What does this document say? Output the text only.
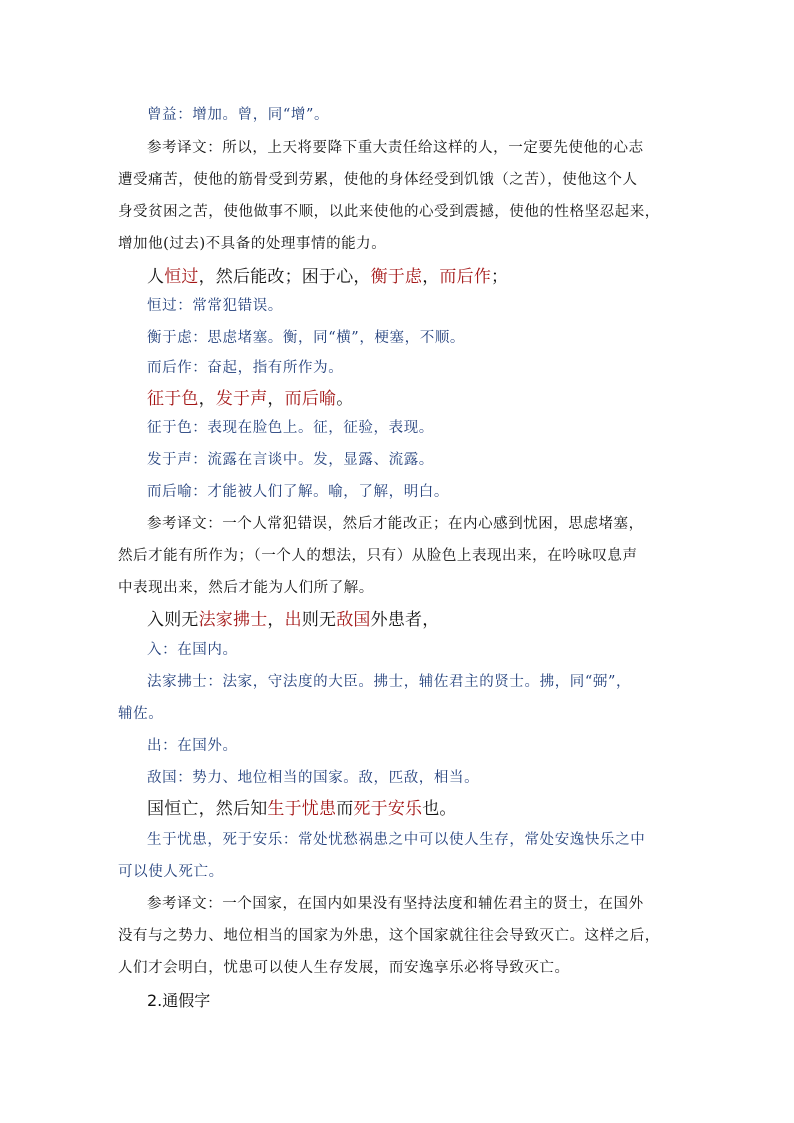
曾益：增加。曾，同“增”。
参考译文：所以，上天将要降下重大责任给这样的人，一定要先使他的心志
遭受痛苦，使他的筋骨受到劳累，使他的身体经受到饥饿（之苦），使他这个人
身受贫困之苦，使他做事不顺，以此来使他的心受到震撼，使他的性格坚忍起来，
增加他(过去)不具备的处理事情的能力。
人恒过，然后能改；困于心，衡于虑，而后作；
恒过：常常犯错误。
衡于虑：思虑堵塞。衡，同“横”，梗塞，不顺。
而后作：奋起，指有所作为。
征于色，发于声，而后喻。
征于色：表现在脸色上。征，征验，表现。
发于声：流露在言谈中。发，显露、流露。
而后喻：才能被人们了解。喻，了解，明白。
参考译文：一个人常犯错误，然后才能改正；在内心感到忧困，思虑堵塞，
然后才能有所作为；（一个人的想法，只有）从脸色上表现出来，在吟咏叹息声
中表现出来，然后才能为人们所了解。
入则无法家拂士，出则无敌国外患者，
入：在国内。
法家拂士：法家，守法度的大臣。拂士，辅佐君主的贤士。拂，同“弼”，
辅佐。
出：在国外。
敌国：势力、地位相当的国家。敌，匹敌，相当。
国恒亡，然后知生于忧患而死于安乐也。
生于忧患，死于安乐：常处忧愁祸患之中可以使人生存，常处安逸快乐之中
可以使人死亡。
参考译文：一个国家，在国内如果没有坚持法度和辅佐君主的贤士，在国外
没有与之势力、地位相当的国家为外患，这个国家就往往会导致灭亡。这样之后，
人们才会明白，忧患可以使人生存发展，而安逸享乐必将导致灭亡。
2.通假字
